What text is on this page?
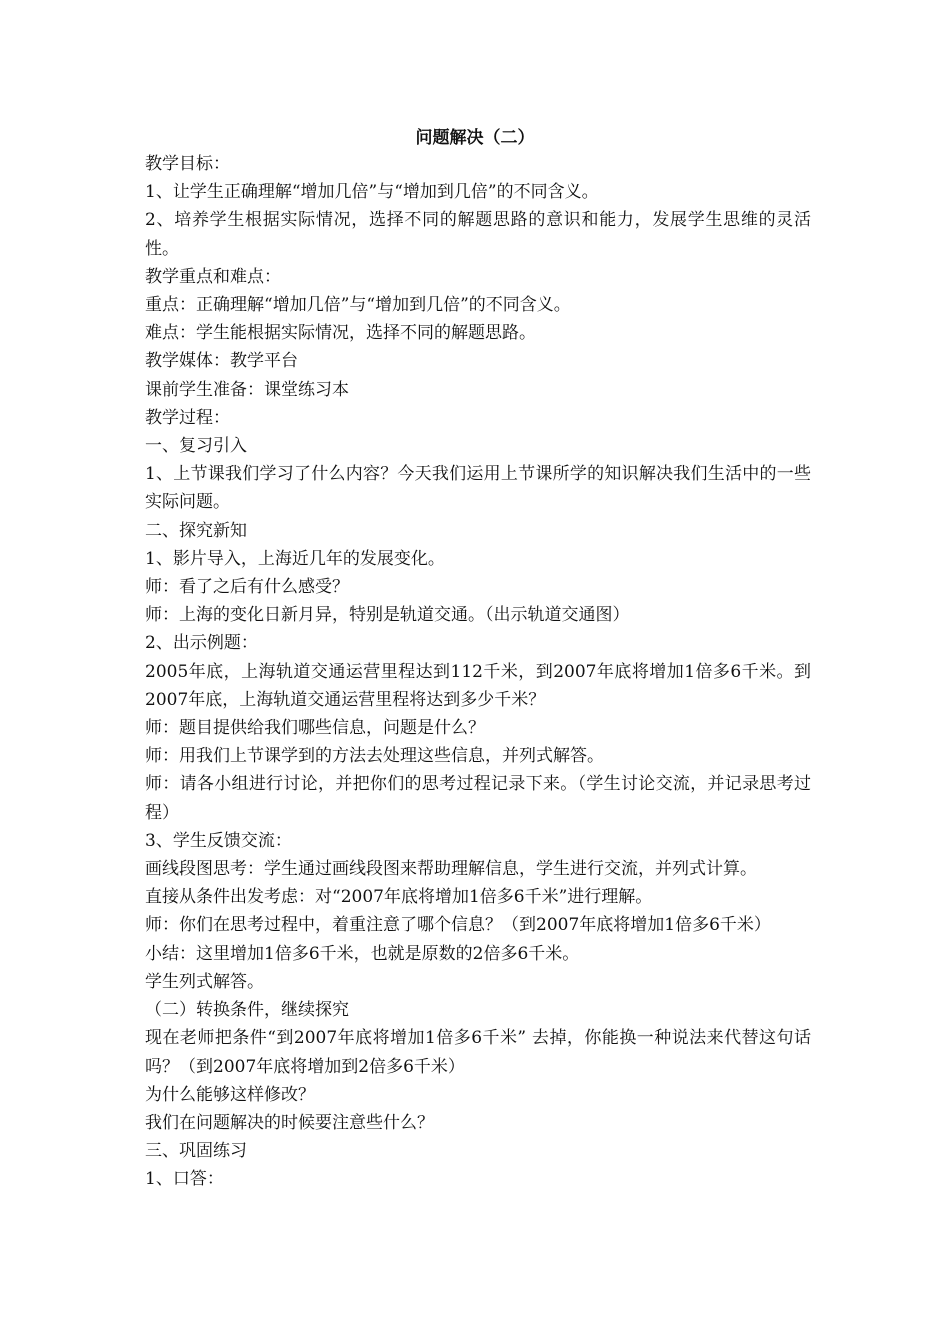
问题解决（二）

教学目标：

1、让学生正确理解“增加几倍”与“增加到几倍”的不同含义。

2、培养学生根据实际情况，选择不同的解题思路的意识和能力，发展学生思维的灵活性。

教学重点和难点：

重点：正确理解“增加几倍”与“增加到几倍”的不同含义。

难点：学生能根据实际情况，选择不同的解题思路。

教学媒体：教学平台

课前学生准备：课堂练习本

教学过程：

一、复习引入

1、上节课我们学习了什么内容？今天我们运用上节课所学的知识解决我们生活中的一些实际问题。

二、探究新知

1、影片导入，上海近几年的发展变化。

师：看了之后有什么感受？

师：上海的变化日新月异，特别是轨道交通。（出示轨道交通图）

2、出示例题：

2005年底，上海轨道交通运营里程达到112千米，到2007年底将增加1倍多6千米。到2007年底，上海轨道交通运营里程将达到多少千米？

师：题目提供给我们哪些信息，问题是什么？

师：用我们上节课学到的方法去处理这些信息，并列式解答。

师：请各小组进行讨论，并把你们的思考过程记录下来。（学生讨论交流，并记录思考过程）

3、学生反馈交流：

画线段图思考：学生通过画线段图来帮助理解信息，学生进行交流，并列式计算。

直接从条件出发考虑：对“2007年底将增加1倍多6千米”进行理解。

师：你们在思考过程中，着重注意了哪个信息？（到2007年底将增加1倍多6千米）

小结：这里增加1倍多6千米，也就是原数的2倍多6千米。

学生列式解答。

（二）转换条件，继续探究

现在老师把条件“到2007年底将增加1倍多6千米” 去掉，你能换一种说法来代替这句话吗？（到2007年底将增加到2倍多6千米）

为什么能够这样修改？

我们在问题解决的时候要注意些什么？

三、巩固练习

1、口答：
